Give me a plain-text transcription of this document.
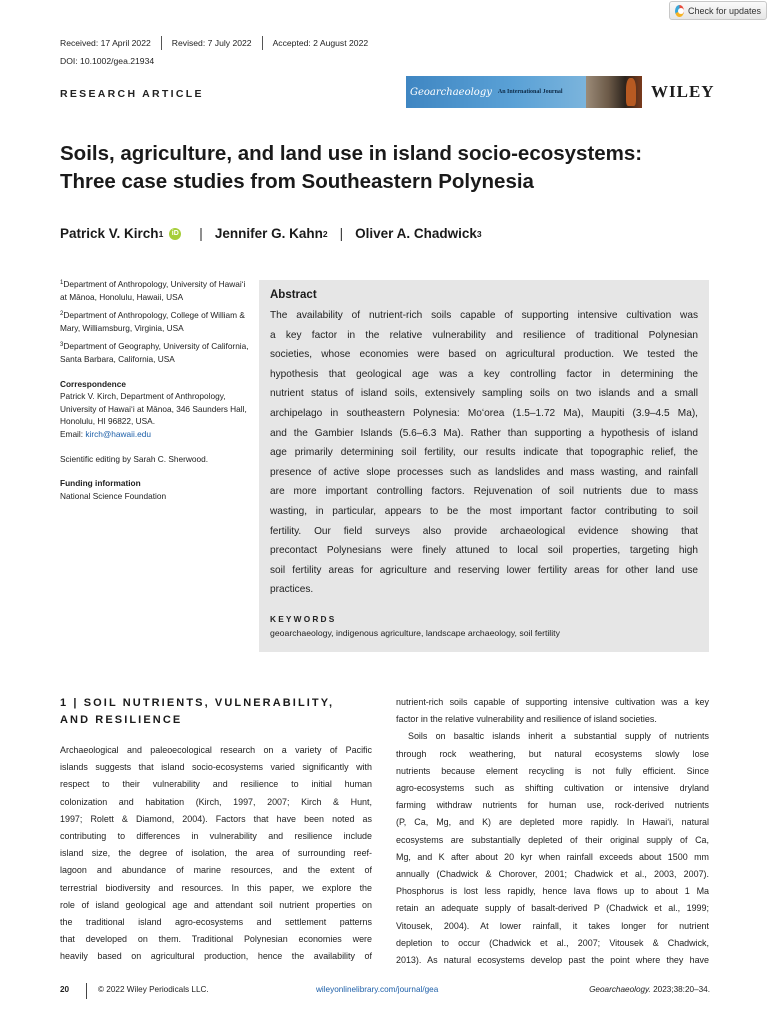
Check for updates
Received: 17 April 2022	Revised: 7 July 2022	Accepted: 2 August 2022
DOI: 10.1002/gea.21934
RESEARCH ARTICLE	Geoarchaeology An International Journal	WILEY
Soils, agriculture, and land use in island socio-ecosystems:
Three case studies from Southeastern Polynesia
Patrick V. Kirch 1	iD | Jennifer G. Kahn 2 | Oliver A. Chadwick 3
$^1$Department of Anthropology, University of Hawaiʻi at Mānoa, Honolulu, Hawaii, USA
$^2$Department of Anthropology, College of William & Mary, Williamsburg, Virginia, USA
$^3$Department of Geography, University of California, Santa Barbara, California, USA
Correspondence
Patrick V. Kirch, Department of Anthropology, University of Hawaiʻi at Mānoa, 346 Saunders Hall, Honolulu, HI 96822, USA.
Email: kirch@hawaii.edu
Scientific editing by Sarah C. Sherwood.
Funding information
National Science Foundation
Abstract
The availability of nutrient-rich soils capable of supporting intensive cultivation was
a key factor in the relative vulnerability and resilience of traditional Polynesian
societies, whose economies were based on agricultural production. We tested the
hypothesis that geological age was a key controlling factor in determining the
nutrient status of island soils, extensively sampling soils on two islands and a small
archipelago in southeastern Polynesia: Moʻorea (1.5–1.72 Ma), Maupiti (3.9–4.5 Ma),
and the Gambier Islands (5.6–6.3 Ma). Rather than supporting a hypothesis of island
age primarily determining soil fertility, our results indicate that topographic relief, the
presence of active slope processes such as landslides and mass wasting, and rainfall
are more important controlling factors. Rejuvenation of soil nutrients due to mass
wasting, in particular, appears to be the most important factor contributing to soil
fertility. Our field surveys also provide archaeological evidence showing that
precontact Polynesians were finely attuned to local soil properties, targeting high
soil fertility areas for agriculture and reserving lower fertility areas for other land use
practices.
KEYWORDS
geoarchaeology, indigenous agriculture, landscape archaeology, soil fertility
1 | SOIL NUTRIENTS, VULNERABILITY,
AND RESILIENCE
Archaeological and paleoecological research on a variety of Pacific
islands suggests that island socio-ecosystems varied significantly with
respect to their vulnerability and resilience to initial human
colonization and habitation (Kirch, 1997, 2007; Kirch & Hunt,
1997; Rolett & Diamond, 2004). Factors that have been noted as
contributing to differences in vulnerability and resilience include
island size, the degree of isolation, the area of surrounding reef-
lagoon and abundance of marine resources, and the extent of
terrestrial biodiversity and resources. In this paper, we explore the
role of island geological age and attendant soil nutrient properties on
the traditional island agro-ecosystems and settlement patterns
that developed on them. Traditional Polynesian economies were
heavily based on agricultural production, hence the availability of
nutrient-rich soils capable of supporting intensive cultivation was a key
factor in the relative vulnerability and resilience of island societies.
Soils on basaltic islands inherit a substantial supply of nutrients
through rock weathering, but natural ecosystems slowly lose
nutrients because element recycling is not fully efficient. Since
agro-ecosystems such as shifting cultivation or intensive dryland
farming withdraw nutrients for human use, rock-derived nutrients
(P, Ca, Mg, and K) are depleted more rapidly. In Hawaiʻi, natural
ecosystems are substantially depleted of their original supply of Ca,
Mg, and K after about 20 kyr when rainfall exceeds about 1500 mm
annually (Chadwick & Chorover, 2001; Chadwick et al., 2003, 2007).
Phosphorus is lost less rapidly, hence lava flows up to about 1 Ma
retain an adequate supply of basalt-derived P (Chadwick et al., 1999;
Vitousek, 2004). At lower rainfall, it takes longer for nutrient
depletion to occur (Chadwick et al., 2007; Vitousek & Chadwick,
2013). As natural ecosystems develop past the point where they have
20	© 2022 Wiley Periodicals LLC.	wileyonlinelibrary.com/journal/gea	Geoarchaeology. 2023;38:20–34.
